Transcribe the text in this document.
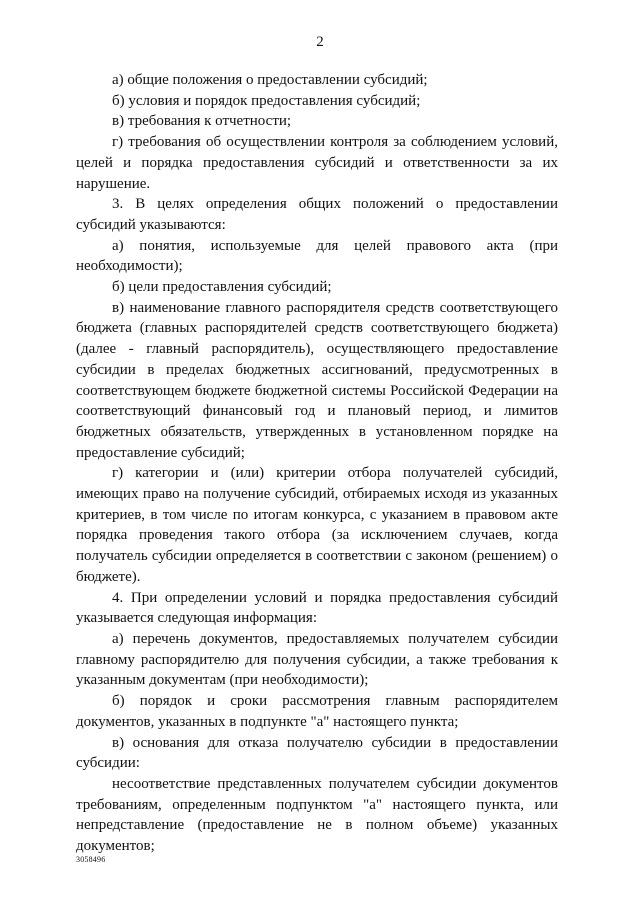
2

а) общие положения о предоставлении субсидий;

б) условия и порядок предоставления субсидий;

в) требования к отчетности;

г) требования об осуществлении контроля за соблюдением условий, целей и порядка предоставления субсидий и ответственности за их нарушение.

3. В целях определения общих положений о предоставлении субсидий указываются:

а) понятия, используемые для целей правового акта (при необходимости);

б) цели предоставления субсидий;

в) наименование главного распорядителя средств соответствующего бюджета (главных распорядителей средств соответствующего бюджета) (далее - главный распорядитель), осуществляющего предоставление субсидии в пределах бюджетных ассигнований, предусмотренных в соответствующем бюджете бюджетной системы Российской Федерации на соответствующий финансовый год и плановый период, и лимитов бюджетных обязательств, утвержденных в установленном порядке на предоставление субсидий;

г) категории и (или) критерии отбора получателей субсидий, имеющих право на получение субсидий, отбираемых исходя из указанных критериев, в том числе по итогам конкурса, с указанием в правовом акте порядка проведения такого отбора (за исключением случаев, когда получатель субсидии определяется в соответствии с законом (решением) о бюджете).

4. При определении условий и порядка предоставления субсидий указывается следующая информация:

а) перечень документов, предоставляемых получателем субсидии главному распорядителю для получения субсидии, а также требования к указанным документам (при необходимости);

б) порядок и сроки рассмотрения главным распорядителем документов, указанных в подпункте "а" настоящего пункта;

в) основания для отказа получателю субсидии в предоставлении субсидии:

несоответствие представленных получателем субсидии документов требованиям, определенным подпунктом "а" настоящего пункта, или непредставление (предоставление не в полном объеме) указанных документов;

3058496
